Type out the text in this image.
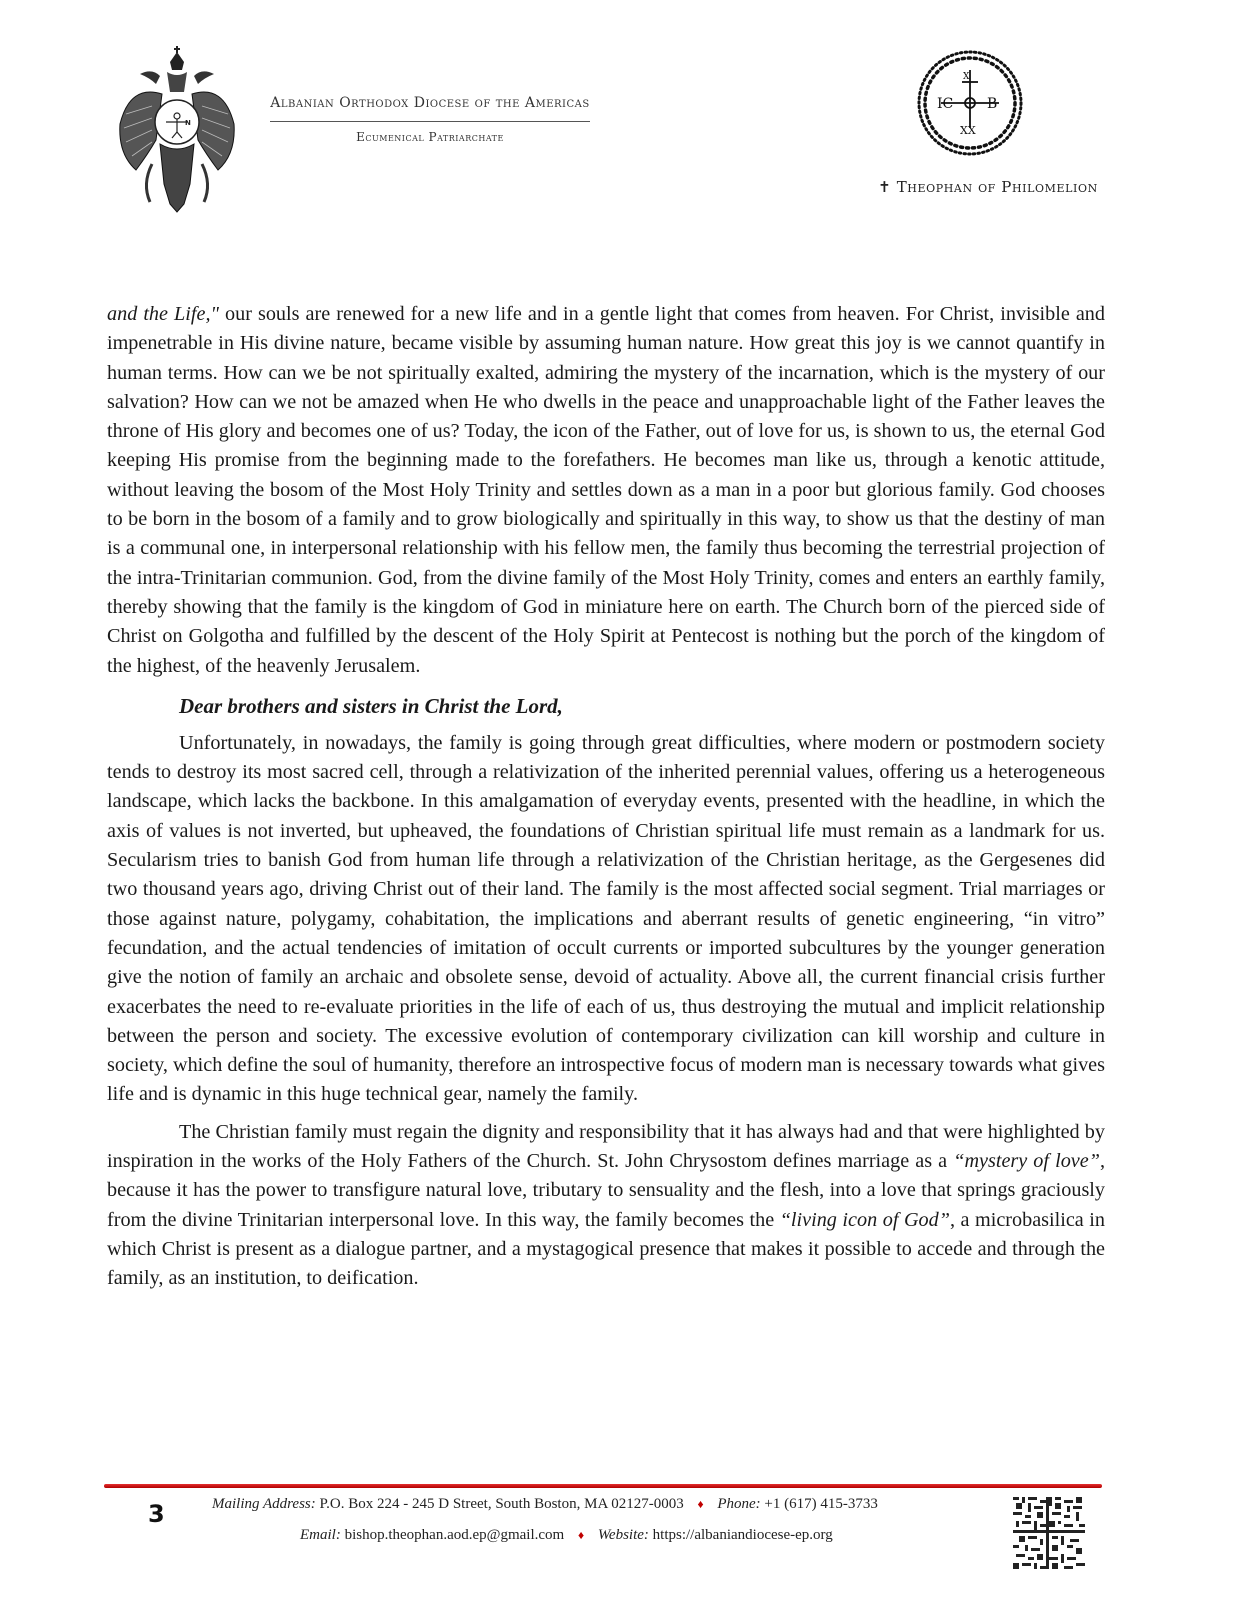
N
Albanian Orthodox Diocese of the Americas
Ecumenical Patriarchate
X
IC B
XX
✝ Theophan of Philomelion

and the Life," our souls are renewed for a new life and in a gentle light that comes from heaven. For Christ, invisible and impenetrable in His divine nature, became visible by assuming human nature. How great this joy is we cannot quantify in human terms. How can we be not spiritually exalted, admiring the mystery of the incarnation, which is the mystery of our salvation? How can we not be amazed when He who dwells in the peace and unapproachable light of the Father leaves the throne of His glory and becomes one of us? Today, the icon of the Father, out of love for us, is shown to us, the eternal God keeping His promise from the beginning made to the forefathers. He becomes man like us, through a kenotic attitude, without leaving the bosom of the Most Holy Trinity and settles down as a man in a poor but glorious family. God chooses to be born in the bosom of a family and to grow biologically and spiritually in this way, to show us that the destiny of man is a communal one, in interpersonal relationship with his fellow men, the family thus becoming the terrestrial projection of the intra-Trinitarian communion. God, from the divine family of the Most Holy Trinity, comes and enters an earthly family, thereby showing that the family is the kingdom of God in miniature here on earth. The Church born of the pierced side of Christ on Golgotha and fulfilled by the descent of the Holy Spirit at Pentecost is nothing but the porch of the kingdom of the highest, of the heavenly Jerusalem.

Dear brothers and sisters in Christ the Lord,

Unfortunately, in nowadays, the family is going through great difficulties, where modern or postmodern society tends to destroy its most sacred cell, through a relativization of the inherited perennial values, offering us a heterogeneous landscape, which lacks the backbone. In this amalgamation of everyday events, presented with the headline, in which the axis of values is not inverted, but upheaved, the foundations of Christian spiritual life must remain as a landmark for us. Secularism tries to banish God from human life through a relativization of the Christian heritage, as the Gergesenes did two thousand years ago, driving Christ out of their land. The family is the most affected social segment. Trial marriages or those against nature, polygamy, cohabitation, the implications and aberrant results of genetic engineering, “in vitro” fecundation, and the actual tendencies of imitation of occult currents or imported subcultures by the younger generation give the notion of family an archaic and obsolete sense, devoid of actuality. Above all, the current financial crisis further exacerbates the need to re-evaluate priorities in the life of each of us, thus destroying the mutual and implicit relationship between the person and society. The excessive evolution of contemporary civilization can kill worship and culture in society, which define the soul of humanity, therefore an introspective focus of modern man is necessary towards what gives life and is dynamic in this huge technical gear, namely the family.

The Christian family must regain the dignity and responsibility that it has always had and that were highlighted by inspiration in the works of the Holy Fathers of the Church. St. John Chrysostom defines marriage as a “mystery of love”, because it has the power to transfigure natural love, tributary to sensuality and the flesh, into a love that springs graciously from the divine Trinitarian interpersonal love. In this way, the family becomes the “living icon of God”, a microbasilica in which Christ is present as a dialogue partner, and a mystagogical presence that makes it possible to accede and through the family, as an institution, to deification.

3	Mailing Address: P.O. Box 224 - 245 D Street, South Boston, MA 02127-0003 ♦ Phone: +1 (617) 415-3733
Email: bishop.theophan.aod.ep@gmail.com ♦ Website: https://albaniandiocese-ep.org
